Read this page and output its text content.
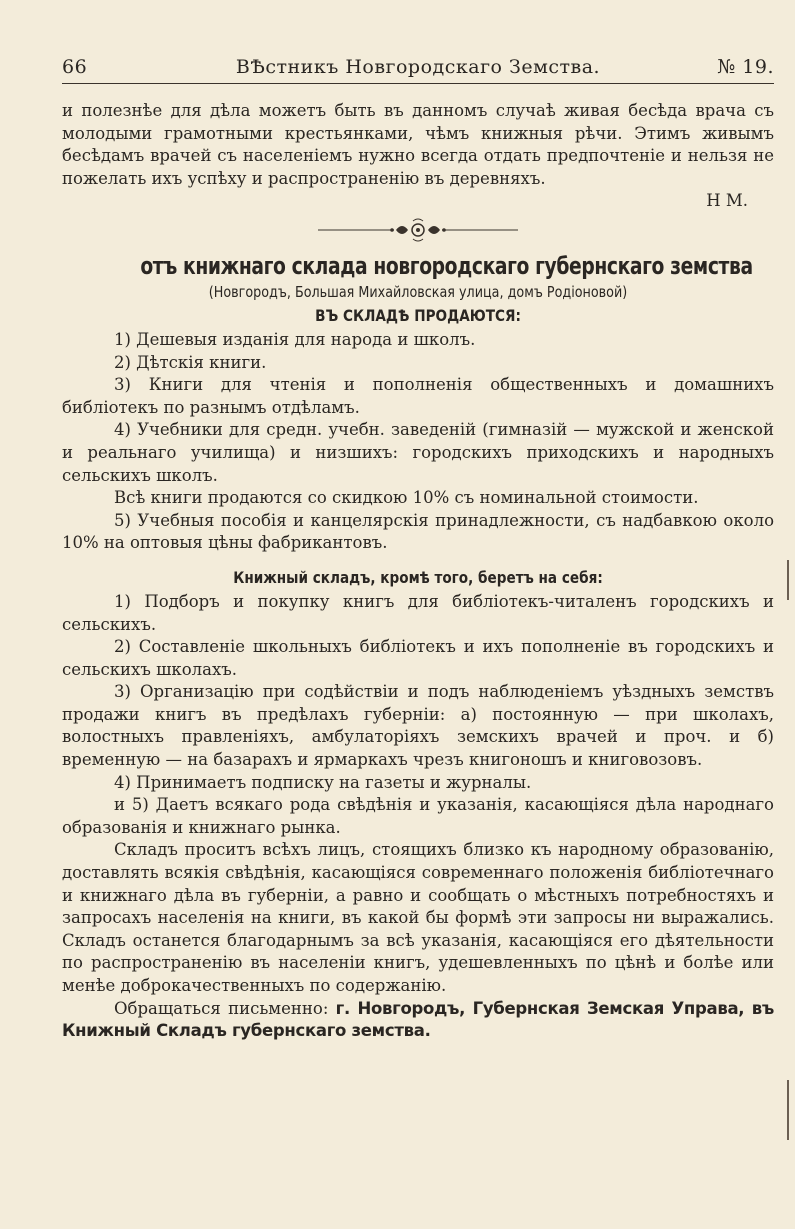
66	ВѢстникъ Новгородскаго Земства.	№ 19.

и полезнѣе для дѣла можетъ быть въ данномъ случаѣ живая бесѣда врача съ молодыми грамотными крестьянками, чѣмъ книжныя рѣчи. Этимъ живымъ бесѣдамъ врачей съ населеніемъ нужно всегда отдать предпочтеніе и нельзя не пожелать ихъ успѣху и распространенію въ деревняхъ.

Н М.

отъ книжнаго склада новгородскаго губернскаго земства
(Новгородъ, Большая Михайловская улица, домъ Родіоновой)
ВЪ СКЛАДѢ ПРОДАЮТСЯ:

1) Дешевыя изданія для народа и школъ.

2) Дѣтскія книги.

3) Книги для чтенія и пополненія общественныхъ и домашнихъ библіотекъ по разнымъ отдѣламъ.

4) Учебники для средн. учебн. заведеній (гимназій — мужской и женской и реальнаго училища) и низшихъ: городскихъ приходскихъ и народныхъ сельскихъ школъ.

Всѣ книги продаются со скидкою 10% съ номинальной стоимости.

5) Учебныя пособія и канцелярскія принадлежности, съ надбавкою около 10% на оптовыя цѣны фабрикантовъ.

Книжный складъ, кромѣ того, беретъ на себя:

1) Подборъ и покупку книгъ для библіотекъ-читаленъ городскихъ и сельскихъ.

2) Составленіе школьныхъ библіотекъ и ихъ пополненіе въ городскихъ и сельскихъ школахъ.

3) Организацію при содѣйствіи и подъ наблюденіемъ уѣздныхъ земствъ продажи книгъ въ предѣлахъ губерніи: а) постоянную — при школахъ, волостныхъ правленіяхъ, амбулаторіяхъ земскихъ врачей и проч. и б) временную — на базарахъ и ярмаркахъ чрезъ книгоношъ и книговозовъ.

4) Принимаетъ подписку на газеты и журналы.

и 5) Даетъ всякаго рода свѣдѣнія и указанія, касающіяся дѣла народнаго образованія и книжнаго рынка.

Складъ проситъ всѣхъ лицъ, стоящихъ близко къ народному образованію, доставлять всякія свѣдѣнія, касающіяся современнаго положенія библіотечнаго и книжнаго дѣла въ губерніи, а равно и сообщать о мѣстныхъ потребностяхъ и запросахъ населенія на книги, въ какой бы формѣ эти запросы ни выражались. Складъ останется благодарнымъ за всѣ указанія, касающіяся его дѣятельности по распространенію въ населеніи книгъ, удешевленныхъ по цѣнѣ и болѣе или менѣе доброкачественныхъ по содержанію.

Обращаться письменно: г. Новгородъ, Губернская Земская Управа, въ Книжный Складъ губернскаго земства.
